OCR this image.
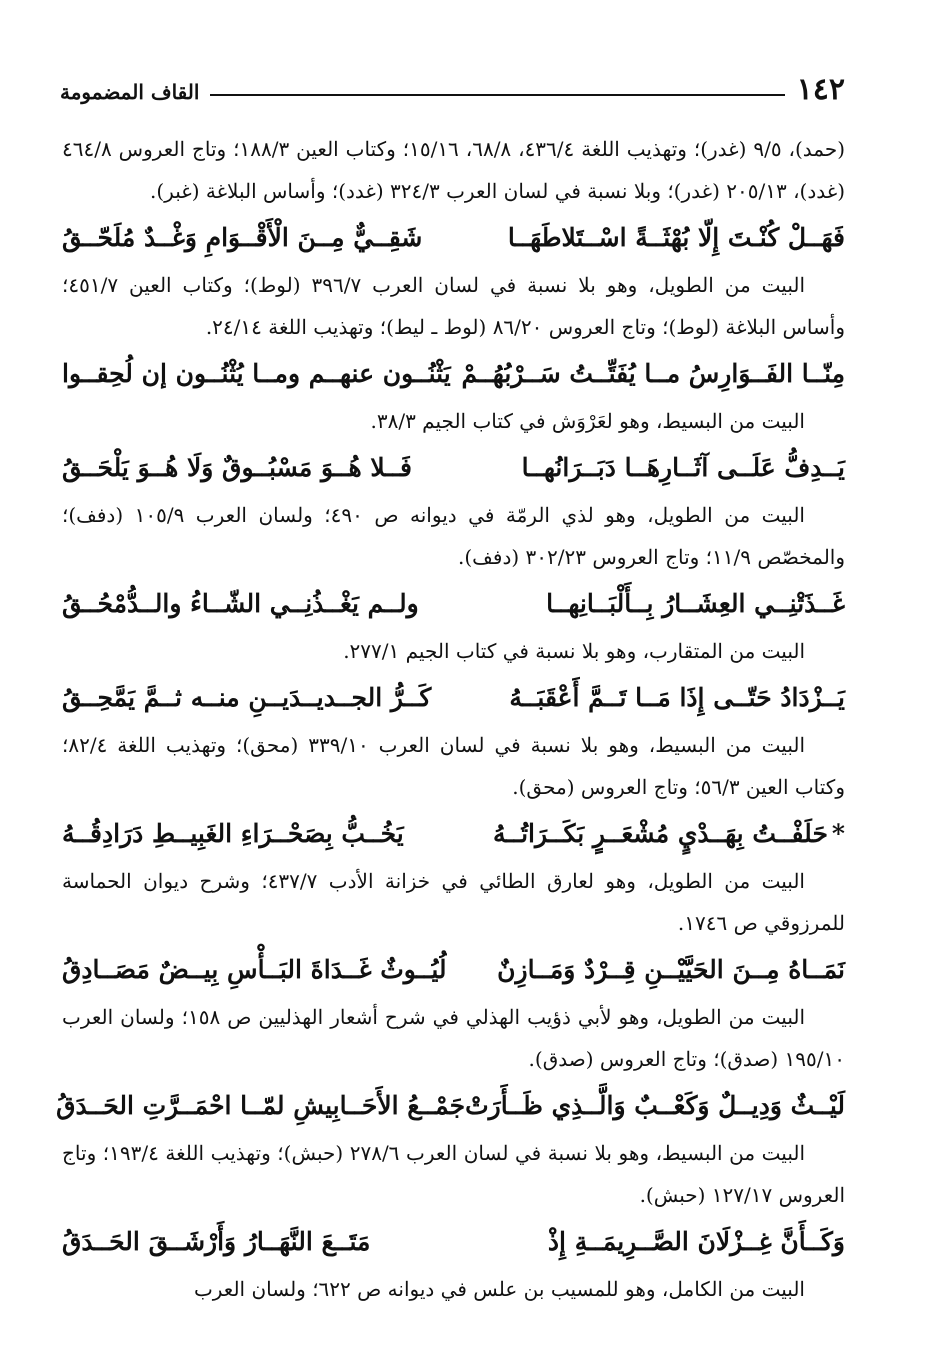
١٤٢
القاف المضمومة

(حمد)، ٩/٥ (غدر)؛ وتهذيب اللغة ٤٣٦/٤، ٦٨/٨، ١٥/١٦؛ وكتاب العين ١٨٨/٣؛ وتاج العروس ٤٦٤/٨ (غدد)، ٢٠٥/١٣ (غدر)؛ وبلا نسبة في لسان العرب ٣٢٤/٣ (غدد)؛ وأساس البلاغة (غبر).

فَهَــلْ كُنْـتَ إِلّا بُهْثَــةً اسْــتَلاطَهَــا
شَقِــيٌّ مِــنَ الْأَقْــوَامِ وَغْــدٌ مُلَحّــقُ

البيت من الطويل، وهو بلا نسبة في لسان العرب ٣٩٦/٧ (لوط)؛ وكتاب العين ٤٥١/٧؛ وأساس البلاغة (لوط)؛ وتاج العروس ٨٦/٢٠ (لوط ـ ليط)؛ وتهذيب اللغة ٢٤/١٤.

مِنّــا الفَــوَارِسُ مــا يُفَتِّــتُ سَــرْبُهُــمْ
يَثْنُــون عنهــم ومــا يُثْنُــون إن لُحِقــوا

البيت من البسيط، وهو لعَرْوَش في كتاب الجيم ٣٨/٣.

يَــدِفُّ عَلَــى آثَــارِهَــا دَبَــرَانُهــا
فَــلا هُــوَ مَسْبُــوقٌ وَلَا هُــوَ يَلْحَــقُ

البيت من الطويل، وهو لذي الرمّة في ديوانه ص ٤٩٠؛ ولسان العرب ١٠٥/٩ (دفف)؛ والمخصّص ١١/٩؛ وتاج العروس ٣٠٢/٢٣ (دفف).

غَــذَتْنِــي العِشَــارُ بِــأَلْبَــانِهــا
ولــم يَغْــذُنِــي الشّــاءُ والــدُّمْحُــقُ

البيت من المتقارب، وهو بلا نسبة في كتاب الجيم ٢٧٧/١.

يَــزْدَادُ حَتّــى إِذَا مَــا تَــمَّ أَعْقَبَــهُ
كَــرُّ الجــديــدَيــنِ منــه ثــمَّ يَمَّحِــقُ

البيت من البسيط، وهو بلا نسبة في لسان العرب ٣٣٩/١٠ (محق)؛ وتهذيب اللغة ٨٢/٤؛ وكتاب العين ٥٦/٣؛ وتاج العروس (محق).

*حَلَفْــتُ بِهَــدْيٍ مُشْعَــرٍ بَكَــرَاتُــهُ
يَخُــبُّ بِصَحْــرَاءِ الغَبِيــطِ دَرَادِقُــهُ

البيت من الطويل، وهو لعارق الطائي في خزانة الأدب ٤٣٧/٧؛ وشرح ديوان الحماسة للمرزوقي ص ١٧٤٦.

نَمَــاهُ مِــنَ الحَيَّيْــنِ قِــرْدٌ وَمَــازِنٌ
لُيُــوثٌ غَــدَاةَ البَــأْسِ بِيــضٌ مَصَــادِقُ

البيت من الطويل، وهو لأبي ذؤيب الهذلي في شرح أشعار الهذليين ص ١٥٨؛ ولسان العرب ١٩٥/١٠ (صدق)؛ وتاج العروس (صدق).

لَيْــثٌ وَدِيــلٌ وَكَعْــبٌ وَالَّــذِي ظَــأَرَتْ
جَمْــعُ الأَحَــابِيشِ لمّــا احْمَــرَّتِ الحَــدَقُ

البيت من البسيط، وهو بلا نسبة في لسان العرب ٢٧٨/٦ (حبش)؛ وتهذيب اللغة ١٩٣/٤؛ وتاج العروس ١٢٧/١٧ (حبش).

وَكَــأَنَّ غِــزْلَانَ الصَّــرِيمَــةِ إِذْ
مَتَــعَ النَّهَــارُ وَأَرْشَــقَ الحَــدَقُ

البيت من الكامل، وهو للمسيب بن علس في ديوانه ص ٦٢٢؛ ولسان العرب
